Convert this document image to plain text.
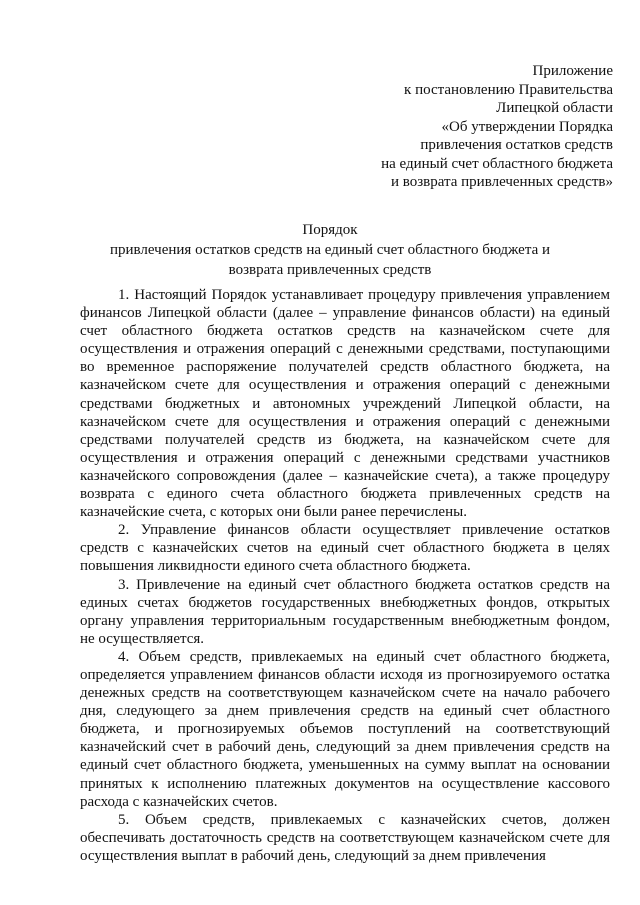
Приложение
к постановлению Правительства
Липецкой области
«Об утверждении Порядка
привлечения остатков средств
на единый счет областного бюджета
и возврата привлеченных средств»
Порядок
привлечения остатков средств на единый счет областного бюджета и
возврата привлеченных средств

1. Настоящий Порядок устанавливает процедуру привлечения управлением финансов Липецкой области (далее – управление финансов области) на единый счет областного бюджета остатков средств на казначейском счете для осуществления и отражения операций с денежными средствами, поступающими во временное распоряжение получателей средств областного бюджета, на казначейском счете для осуществления и отражения операций с денежными средствами бюджетных и автономных учреждений Липецкой области, на казначейском счете для осуществления и отражения операций с денежными средствами получателей средств из бюджета, на казначейском счете для осуществления и отражения операций с денежными средствами участников казначейского сопровождения (далее – казначейские счета), а также процедуру возврата с единого счета областного бюджета привлеченных средств на казначейские счета, с которых они были ранее перечислены.

2. Управление финансов области осуществляет привлечение остатков средств с казначейских счетов на единый счет областного бюджета в целях повышения ликвидности единого счета областного бюджета.

3. Привлечение на единый счет областного бюджета остатков средств на единых счетах бюджетов государственных внебюджетных фондов, открытых органу управления территориальным государственным внебюджетным фондом, не осуществляется.

4. Объем средств, привлекаемых на единый счет областного бюджета, определяется управлением финансов области исходя из прогнозируемого остатка денежных средств на соответствующем казначейском счете на начало рабочего дня, следующего за днем привлечения средств на единый счет областного бюджета, и прогнозируемых объемов поступлений на соответствующий казначейский счет в рабочий день, следующий за днем привлечения средств на единый счет областного бюджета, уменьшенных на сумму выплат на основании принятых к исполнению платежных документов на осуществление кассового расхода с казначейских счетов.

5. Объем средств, привлекаемых с казначейских счетов, должен обеспечивать достаточность средств на соответствующем казначейском счете для осуществления выплат в рабочий день, следующий за днем привлечения
